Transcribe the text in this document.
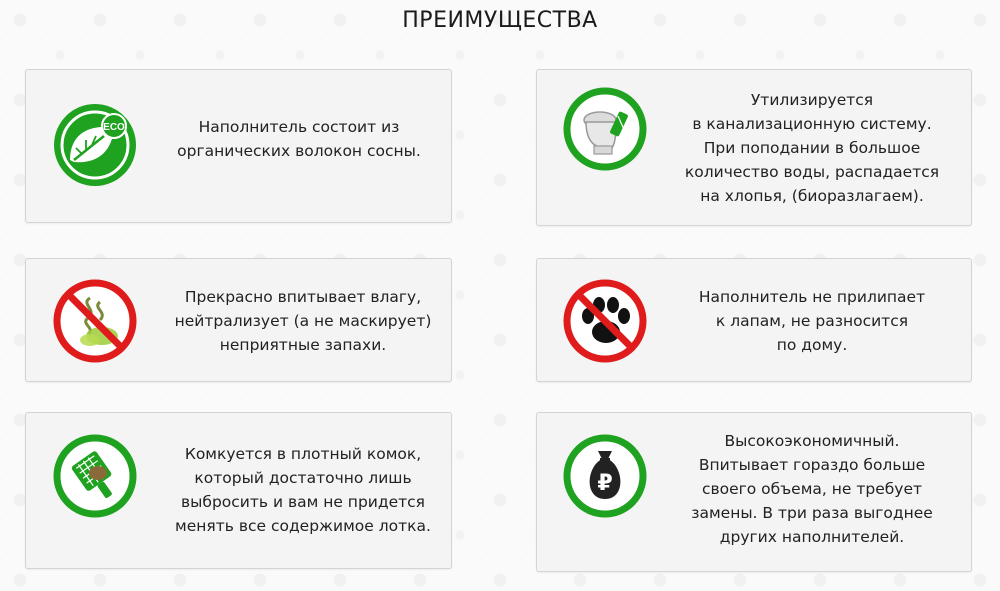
ПРЕИМУЩЕСТВА
ECO	Наполнитель состоит из
органических волокон сосны.
Утилизируется
в канализационную систему.
При поподании в большое
количество воды, распадается
на хлопья, (биоразлагаем).
Прекрасно впитывает влагу,
нейтрализует (а не маскирует)
неприятные запахи.
Наполнитель не прилипает
к лапам, не разносится
по дому.
Комкуется в плотный комок,
который достаточно лишь
выбросить и вам не придется
менять все содержимое лотка.
₽
Высокоэкономичный.
Впитывает гораздо больше
своего объема, не требует
замены. В три раза выгоднее
других наполнителей.
